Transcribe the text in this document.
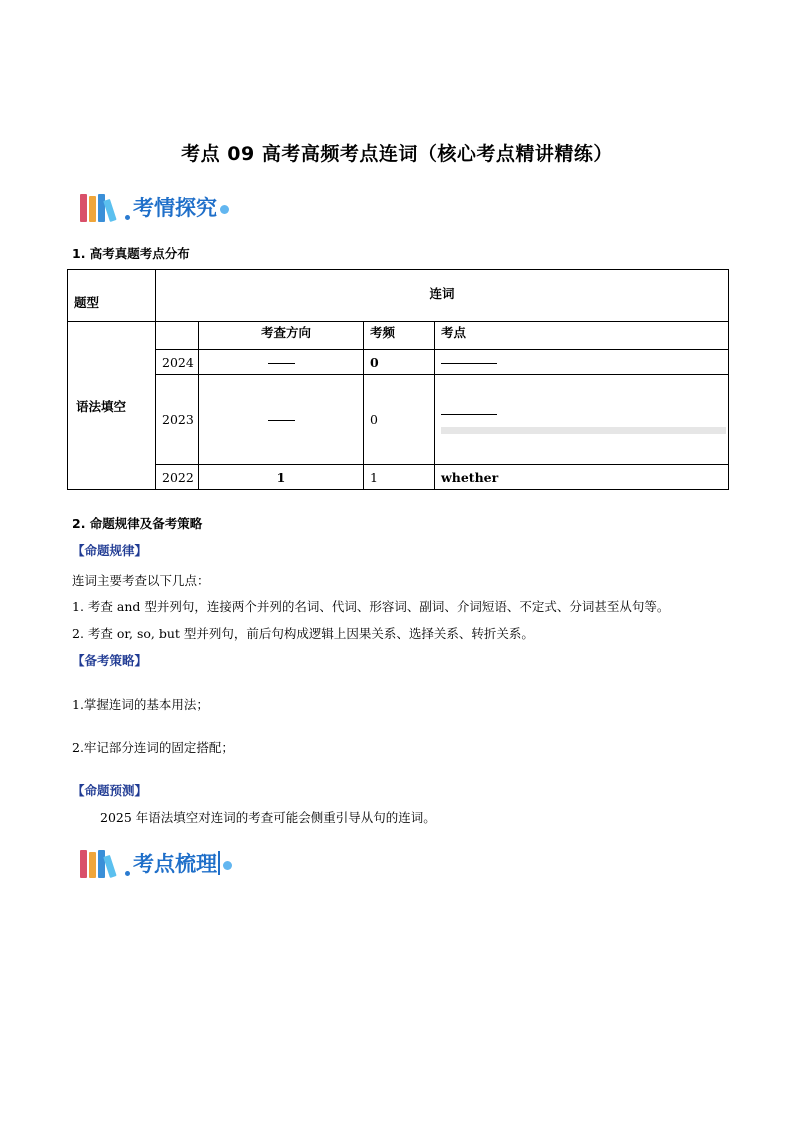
考点 09 高考高频考点连词（核心考点精讲精练）
考情探究
1. 高考真题考点分布
题型	连词			
语法填空		考查方向	考频	考点
	2024		0	
	2023		0	

	2022	1	1	whether
2. 命题规律及备考策略
【命题规律】
连词主要考查以下几点：
1. 考查 and 型并列句，连接两个并列的名词、代词、形容词、副词、介词短语、不定式、分词甚至从句等。
2. 考查 or, so, but 型并列句，前后句构成逻辑上因果关系、选择关系、转折关系。
【备考策略】
1.掌握连词的基本用法；
2.牢记部分连词的固定搭配；
【命题预测】
2025 年语法填空对连词的考查可能会侧重引导从句的连词。
考点梳理
